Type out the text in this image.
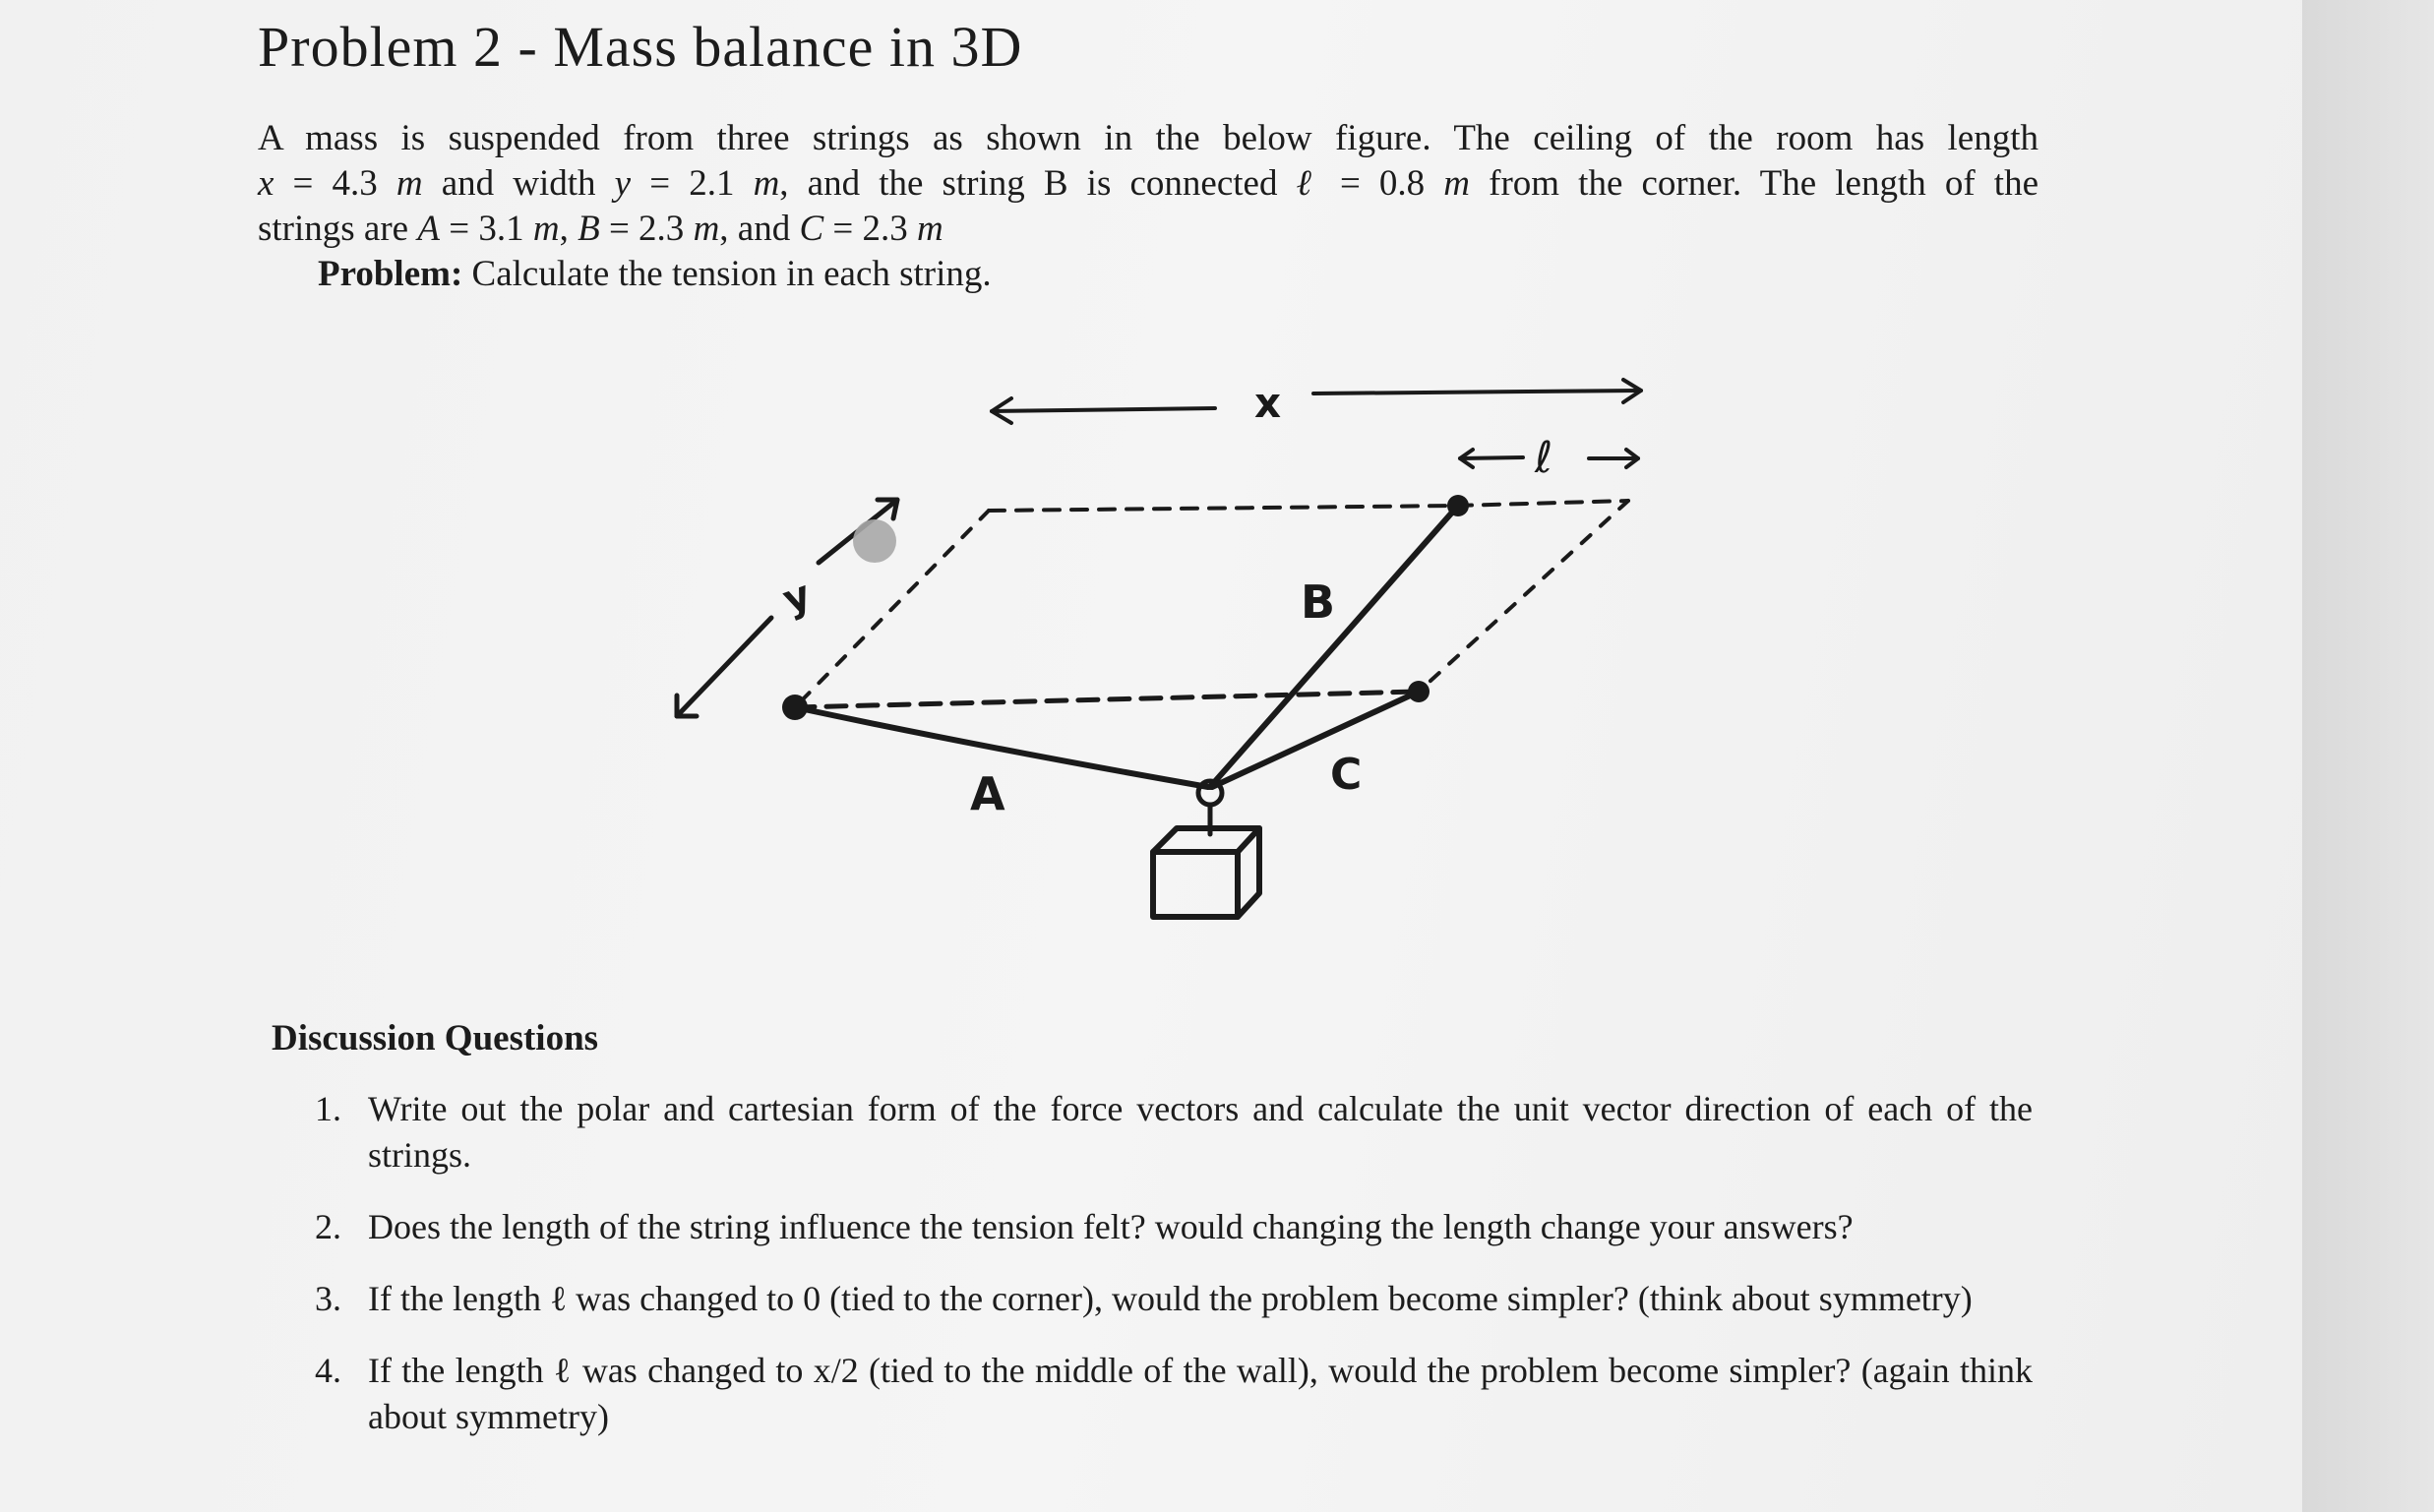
Problem 2 - Mass balance in 3D
A mass is suspended from three strings as shown in the below figure. The ceiling of the room has length
x = 4.3 m and width y = 2.1 m, and the string B is connected ℓ = 0.8 m from the corner. The length of the
strings are A = 3.1 m, B = 2.3 m, and C = 2.3 m
Problem: Calculate the tension in each string.
x
y
ℓ
A
B
C
Discussion Questions
1. Write out the polar and cartesian form of the force vectors and calculate the unit vector direction of each of the strings.
2. Does the length of the string influence the tension felt? would changing the length change your answers?
3. If the length ℓ was changed to 0 (tied to the corner), would the problem become simpler? (think about symmetry)
4. If the length ℓ was changed to x/2 (tied to the middle of the wall), would the problem become simpler? (again think about symmetry)
